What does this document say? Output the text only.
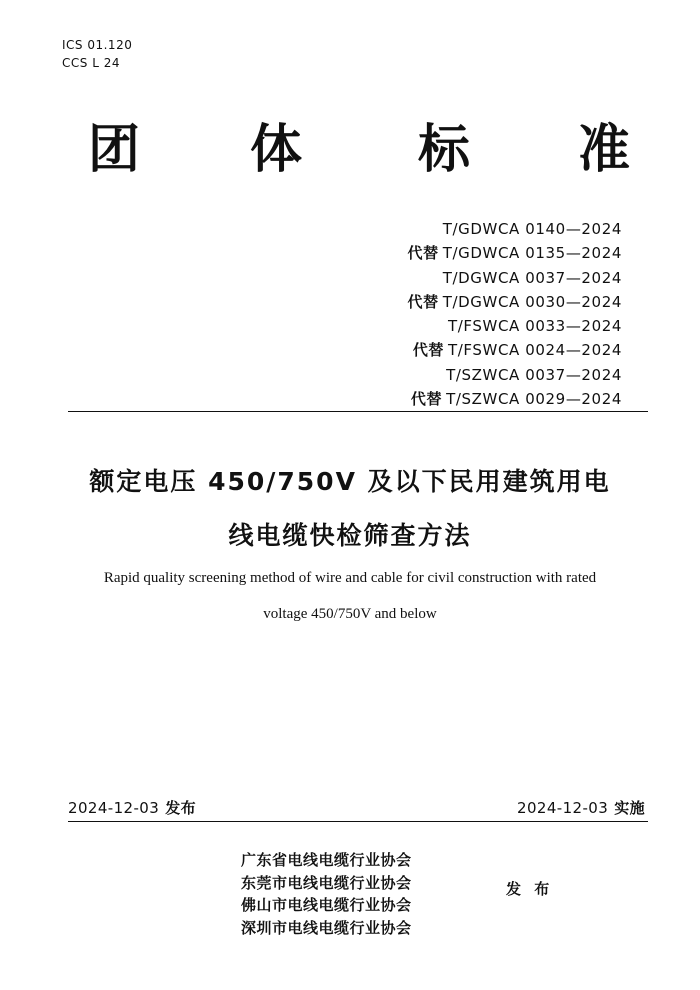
ICS 01.120
CCS L 24
团 体 标 准
T/GDWCA 0140—2024
代替 T/GDWCA 0135—2024
T/DGWCA 0037—2024
代替 T/DGWCA 0030—2024
T/FSWCA 0033—2024
代替 T/FSWCA 0024—2024
T/SZWCA 0037—2024
代替 T/SZWCA 0029—2024
额定电压 450/750V 及以下民用建筑用电
线电缆快检筛查方法
Rapid quality screening method of wire and cable for civil construction with rated
voltage 450/750V and below
2024-12-03 发布	2024-12-03 实施
广东省电线电缆行业协会
东莞市电线电缆行业协会
佛山市电线电缆行业协会
深圳市电线电缆行业协会
发 布
